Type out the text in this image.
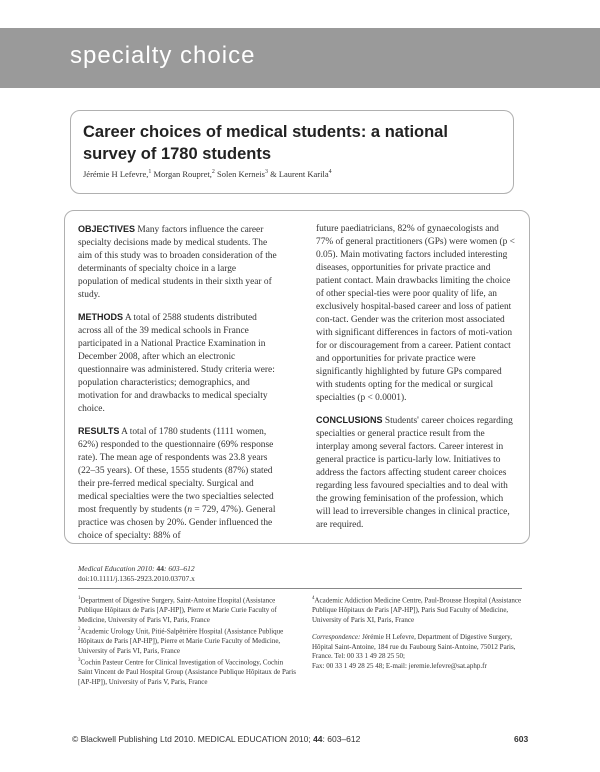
specialty choice
Career choices of medical students: a national survey of 1780 students
Jérémie H Lefevre,$^1$ Morgan Roupret,$^2$ Solen Kerneis$^3$ & Laurent Karila$^4$

OBJECTIVES Many factors influence the career specialty decisions made by medical students. The aim of this study was to broaden consideration of the determinants of specialty choice in a large population of medical students in their sixth year of study.

METHODS A total of 2588 students distributed across all of the 39 medical schools in France participated in a National Practice Examination in December 2008, after which an electronic questionnaire was administered. Study criteria were: population characteristics; demographics, and motivation for and drawbacks to medical specialty choice.

RESULTS A total of 1780 students (1111 women, 62%) responded to the questionnaire (69% response rate). The mean age of respondents was 23.8 years (22–35 years). Of these, 1555 students (87%) stated their pre-ferred medical specialty. Surgical and medical specialties were the two specialties selected most frequently by students (n = 729, 47%). General practice was chosen by 20%. Gender influenced the choice of specialty: 88% of

future paediatricians, 82% of gynaecologists and 77% of general practitioners (GPs) were women (p < 0.05). Main motivating factors included interesting diseases, opportunities for private practice and patient contact. Main drawbacks limiting the choice of other special-ties were poor quality of life, an exclusively hospital-based career and loss of patient con-tact. Gender was the criterion most associated with significant differences in factors of moti-vation for or discouragement from a career. Patient contact and opportunities for private practice were significantly highlighted by future GPs compared with students opting for the medical or surgical specialties (p < 0.0001).

CONCLUSIONS Students' career choices regarding specialties or general practice result from the interplay among several factors. Career interest in general practice is particu-larly low. Initiatives to address the factors affecting student career choices regarding less favoured specialties and to deal with the growing feminisation of the profession, which will lead to irreversible changes in clinical practice, are required.

Medical Education 2010: 44: 603–612
doi:10.1111/j.1365-2923.2010.03707.x

$^1$Department of Digestive Surgery, Saint-Antoine Hospital (Assistance Publique Hôpitaux de Paris [AP-HP]), Pierre et Marie Curie Faculty of Medicine, University of Paris VI, Paris, France

$^2$Academic Urology Unit, Pitié-Salpêtrière Hospital (Assistance Publique Hôpitaux de Paris [AP-HP]), Pierre et Marie Curie Faculty of Medicine, University of Paris VI, Paris, France

$^3$Cochin Pasteur Centre for Clinical Investigation of Vaccinology, Cochin Saint Vincent de Paul Hospital Group (Assistance Publique Hôpitaux de Paris [AP-HP]), University of Paris V, Paris, France

$^4$Academic Addiction Medicine Centre, Paul-Brousse Hospital (Assistance Publique Hôpitaux de Paris [AP-HP]), Paris Sud Faculty of Medicine, University of Paris XI, Paris, France

Correspondence: Jérémie H Lefevre, Department of Digestive Surgery, Hôpital Saint-Antoine, 184 rue du Faubourg Saint-Antoine, 75012 Paris, France. Tel: 00 33 1 49 28 25 50;

Fax: 00 33 1 49 28 25 48; E-mail: jeremie.lefevre@sat.aphp.fr

© Blackwell Publishing Ltd 2010. MEDICAL EDUCATION 2010; 44: 603–612	603
